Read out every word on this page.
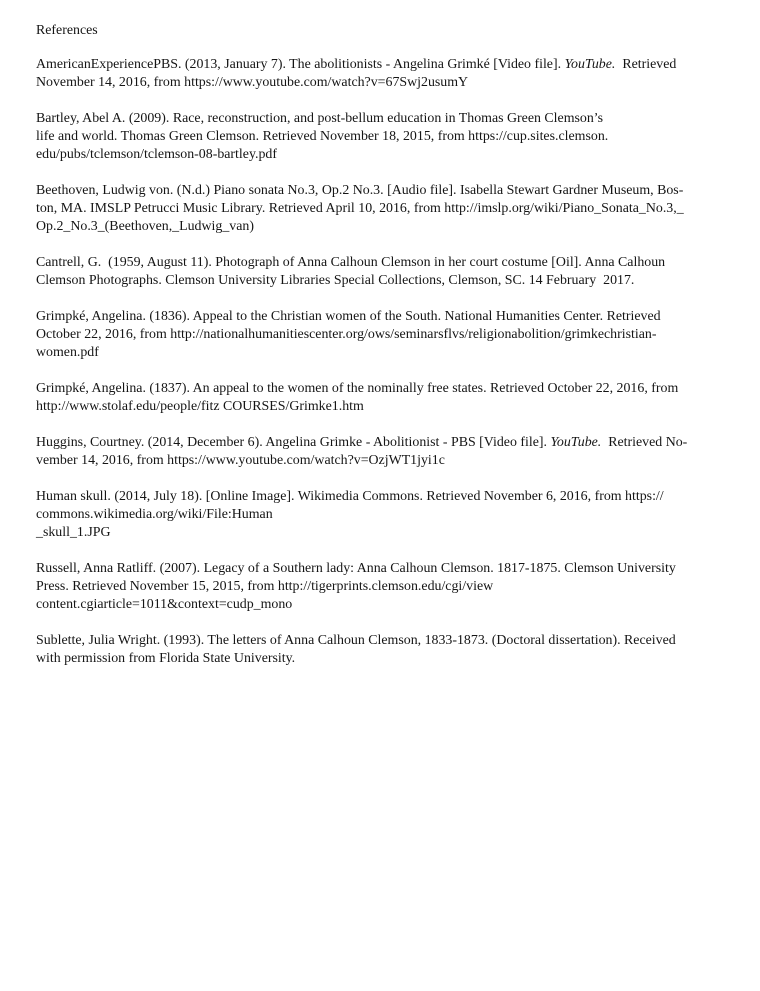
References
AmericanExperiencePBS. (2013, January 7). The abolitionists - Angelina Grimké [Video file]. YouTube.  Retrieved
November 14, 2016, from https://www.youtube.com/watch?v=67Swj2usumY
Bartley, Abel A. (2009). Race, reconstruction, and post-bellum education in Thomas Green Clemson’s
life and world. Thomas Green Clemson. Retrieved November 18, 2015, from https://cup.sites.clemson.
edu/pubs/tclemson/tclemson-08-bartley.pdf
Beethoven, Ludwig von. (N.d.) Piano sonata No.3, Op.2 No.3. [Audio file]. Isabella Stewart Gardner Museum, Bos-
ton, MA. IMSLP Petrucci Music Library. Retrieved April 10, 2016, from http://imslp.org/wiki/Piano_Sonata_No.3,_
Op.2_No.3_(Beethoven,_Ludwig_van)
Cantrell, G.  (1959, August 11). Photograph of Anna Calhoun Clemson in her court costume [Oil]. Anna Calhoun
Clemson Photographs. Clemson University Libraries Special Collections, Clemson, SC. 14 February  2017.
Grimpké, Angelina. (1836). Appeal to the Christian women of the South. National Humanities Center. Retrieved
October 22, 2016, from http://nationalhumanitiescenter.org/ows/seminarsflvs/religionabolition/grimkechristian-
women.pdf
Grimpké, Angelina. (1837). An appeal to the women of the nominally free states. Retrieved October 22, 2016, from
http://www.stolaf.edu/people/fitz COURSES/Grimke1.htm
Huggins, Courtney. (2014, December 6). Angelina Grimke - Abolitionist - PBS [Video file]. YouTube.  Retrieved No-
vember 14, 2016, from https://www.youtube.com/watch?v=OzjWT1jyi1c
Human skull. (2014, July 18). [Online Image]. Wikimedia Commons. Retrieved November 6, 2016, from https://
commons.wikimedia.org/wiki/File:Human
_skull_1.JPG
Russell, Anna Ratliff. (2007). Legacy of a Southern lady: Anna Calhoun Clemson. 1817-1875. Clemson University
Press. Retrieved November 15, 2015, from http://tigerprints.clemson.edu/cgi/view
content.cgiarticle=1011&context=cudp_mono
Sublette, Julia Wright. (1993). The letters of Anna Calhoun Clemson, 1833-1873. (Doctoral dissertation). Received
with permission from Florida State University.
